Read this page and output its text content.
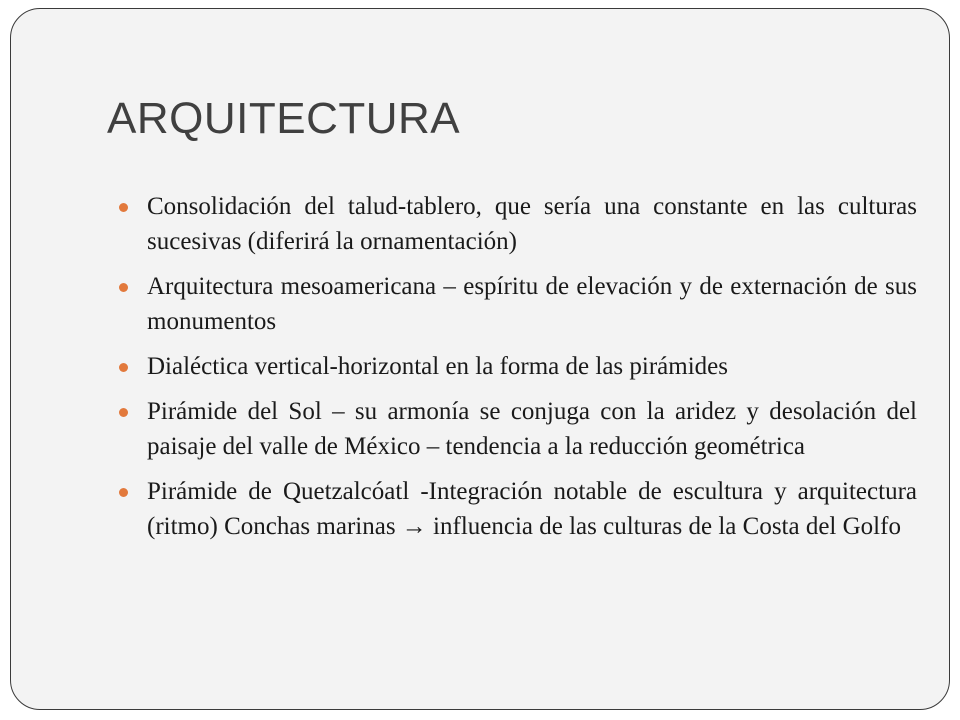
ARQUITECTURA
Consolidación del talud-tablero, que sería una constante en las culturas sucesivas (diferirá la ornamentación)
Arquitectura mesoamericana – espíritu de elevación y de externación de sus monumentos
Dialéctica vertical-horizontal en la forma de las pirámides
Pirámide del Sol – su armonía se conjuga con la aridez y desolación del paisaje del valle de México – tendencia a la reducción geométrica
Pirámide de Quetzalcóatl -Integración notable de escultura y arquitectura (ritmo) Conchas marinas → influencia de las culturas de la Costa del Golfo
